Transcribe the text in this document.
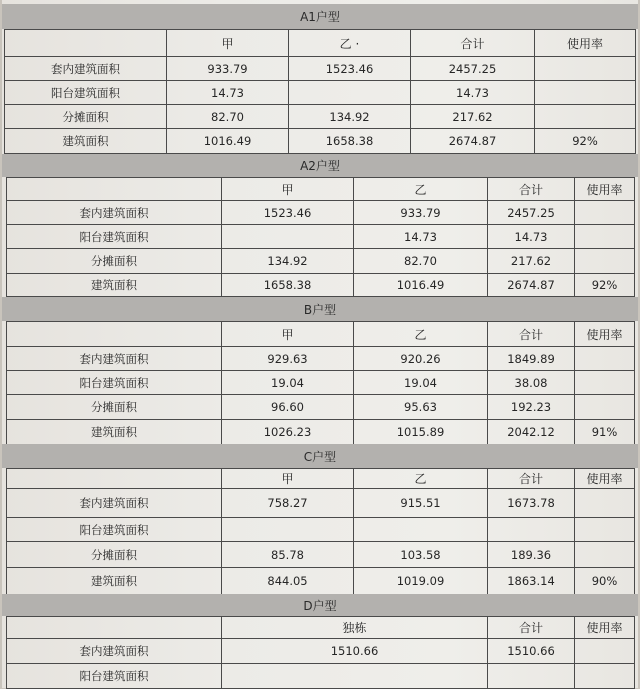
A1户型
	甲	乙 ·	合计	使用率
套内建筑面积	933.79	1523.46	2457.25	
阳台建筑面积	14.73		14.73	
分摊面积	82.70	134.92	217.62	
建筑面积	1016.49	1658.38	2674.87	92%
A2户型
	甲	乙	合计	使用率
套内建筑面积	1523.46	933.79	2457.25	
阳台建筑面积		14.73	14.73	
分摊面积	134.92	82.70	217.62	
建筑面积	1658.38	1016.49	2674.87	92%
B户型
	甲	乙	合计	使用率
套内建筑面积	929.63	920.26	1849.89	
阳台建筑面积	19.04	19.04	38.08	
分摊面积	96.60	95.63	192.23	
建筑面积	1026.23	1015.89	2042.12	91%
C户型
	甲	乙	合计	使用率
套内建筑面积	758.27	915.51	1673.78	
阳台建筑面积				
分摊面积	85.78	103.58	189.36	
建筑面积	844.05	1019.09	1863.14	90%
D户型
	独栋	合计	使用率
套内建筑面积	1510.66	1510.66	
阳台建筑面积			
